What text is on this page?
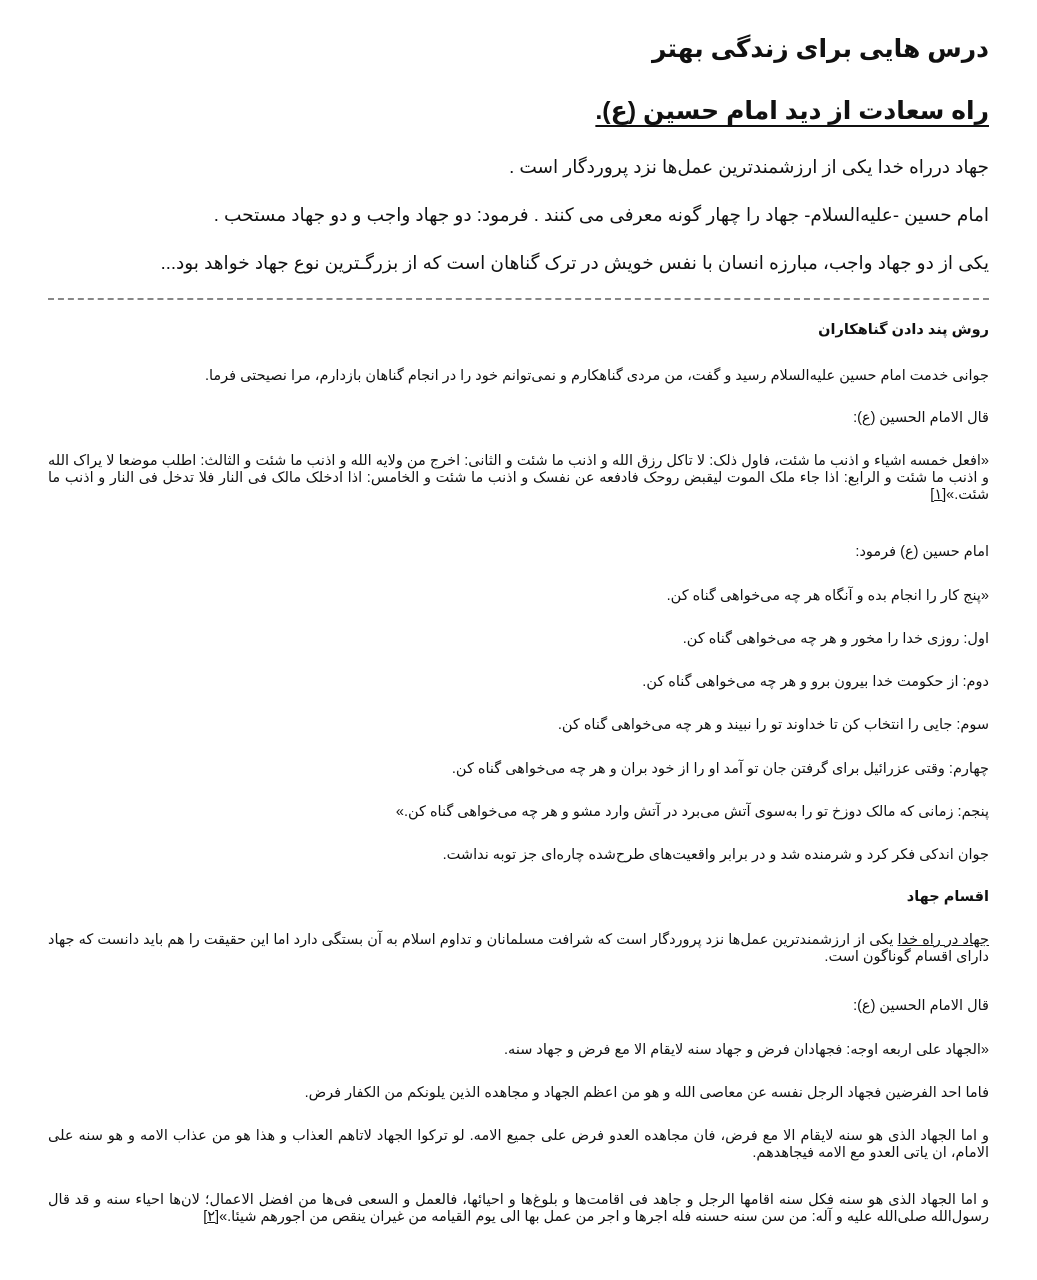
درس هایی برای زندگی بهتر
راه سعادت از دید امام حسین (ع).
جهاد درراه خدا یکی از ارزشمندترین عمل‌ها نزد پروردگار است .
امام حسین -علیه‌السلام- جهاد را چهار گونه معرفی می کنند . فرمود: دو جهاد واجب و دو جهاد مستحب .
یکی از دو جهاد واجب، مبارزه انسان با نفس خویش در ترک گناهان است که از بزرگـترین نوع جهاد خواهد بود...
روش پند دادن گناهکاران
جوانی خدمت امام حسین علیه‌السلام رسید و گفت، من مردی گناهکارم و نمی‌توانم خود را در انجام گناهان بازدارم، مرا نصیحتی فرما.
قال الامام الحسین (ع):
«افعل خمسه اشیاء و اذنب ما شئت، فاول ذلک: لا تاکل رزق الله و اذنب ما شئت و الثانی: اخرج من ولایه الله و اذنب ما شئت و الثالث: اطلب موضعا لا یراک الله و اذنب ما شئت و الرابع: اذا جاء ملک الموت لیقبض روحک فادفعه عن نفسک و اذنب ما شئت و الخامس: اذا ادخلک مالک فی النار فلا تدخل فی النار و اذنب ما شئت.»[۱]
امام حسین (ع) فرمود:
«پنج کار را انجام بده و آنگاه هر چه می‌خواهی گناه کن.
اول: روزی خدا را مخور و هر چه می‌خواهی گناه کن.
دوم: از حکومت خدا بیرون برو و هر چه می‌خواهی گناه کن.
سوم: جایی را انتخاب کن تا خداوند تو را نبیند و هر چه می‌خواهی گناه کن.
چهارم: وقتی عزرائیل برای گرفتن جان تو آمد او را از خود بران و هر چه می‌خواهی گناه کن.
پنجم: زمانی که مالک دوزخ تو را به‌سوی آتش می‌برد در آتش وارد مشو و هر چه می‌خواهی گناه کن.»
جوان اندکی فکر کرد و شرمنده شد و در برابر واقعیت‌های طرح‌شده چاره‌ای جز توبه نداشت.
اقسام جهاد
جهاد در راه خدا یکی از ارزشمندترین عمل‌ها نزد پروردگار است که شرافت مسلمانان و تداوم اسلام به آن بستگی دارد اما این حقیقت را هم باید دانست که جهاد دارای اقسام گوناگون است.
قال الامام الحسین (ع):
«الجهاد علی اربعه اوجه: فجهادان فرض و جهاد سنه لایقام الا مع فرض و جهاد سنه.
فاما احد الفرضین فجهاد الرجل نفسه عن معاصی الله و هو من اعظم الجهاد و مجاهده الذین یلونکم من الکفار فرض.
و اما الجهاد الذی هو سنه لایقام الا مع فرض، فان مجاهده العدو فرض علی جمیع الامه. لو ترکوا الجهاد لاتاهم العذاب و هذا هو من عذاب الامه و هو سنه علی الامام، ان یاتی العدو مع الامه فیجاهدهم.
و اما الجهاد الذی هو سنه فکل سنه اقامها الرجل و جاهد فی اقامت‌ها و بلوغ‌ها و احیائها، فالعمل و السعی فی‌ها من افضل الاعمال؛ لان‌ها احیاء سنه و قد قال رسول‌الله صلی‌الله علیه و آله: من سن سنه حسنه فله اجرها و اجر من عمل بها الی یوم القیامه من غیران ینقص من اجورهم شیئا.»[۲]
